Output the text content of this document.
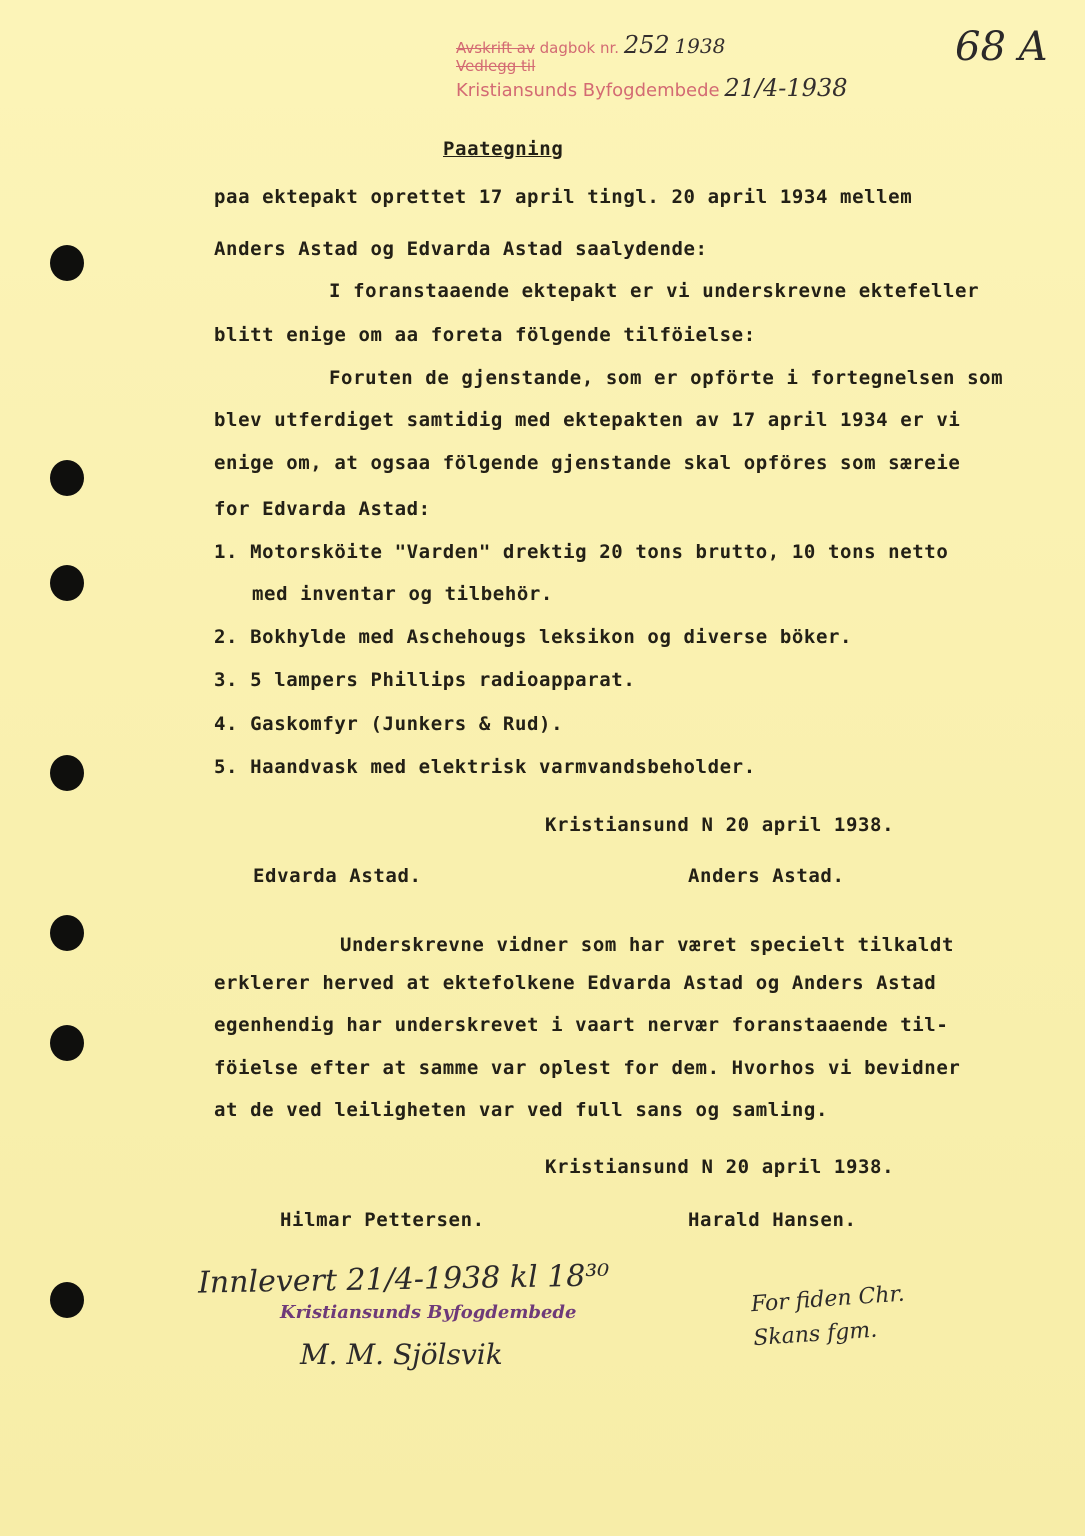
Avskrift av dagbok nr. 252 1938
Vedlegg til
Kristiansunds Byfogdembede 21/4-1938
68 A
Paategning
paa ektepakt oprettet 17 april tingl. 20 april 1934 mellem
Anders Astad og Edvarda Astad saalydende:
I foranstaaende ektepakt er vi underskrevne ektefeller
blitt enige om aa foreta fölgende tilföielse:
Foruten de gjenstande, som er opförte i fortegnelsen som
blev utferdiget samtidig med ektepakten av 17 april 1934 er vi
enige om, at ogsaa fölgende gjenstande skal opföres som særeie
for Edvarda Astad:
1. Motorsköite "Varden" drektig 20 tons brutto, 10 tons netto
med inventar og tilbehör.
2. Bokhylde med Aschehougs leksikon og diverse böker.
3. 5 lampers Phillips radioapparat.
4. Gaskomfyr (Junkers & Rud).
5. Haandvask med elektrisk varmvandsbeholder.
Kristiansund N 20 april 1938.
Edvarda Astad.	Anders Astad.
Underskrevne vidner som har været specielt tilkaldt
erklerer herved at ektefolkene Edvarda Astad og Anders Astad
egenhendig har underskrevet i vaart nervær foranstaaende til-
föielse efter at samme var oplest for dem. Hvorhos vi bevidner
at de ved leiligheten var ved full sans og samling.
Kristiansund N 20 april 1938.
Hilmar Pettersen.	Harald Hansen.
Innlevert 21/4-1938 kl 18³⁰
Kristiansunds Byfogdembede
M. M. Sjölsvik
For fiden Chr. Skans fgm.
